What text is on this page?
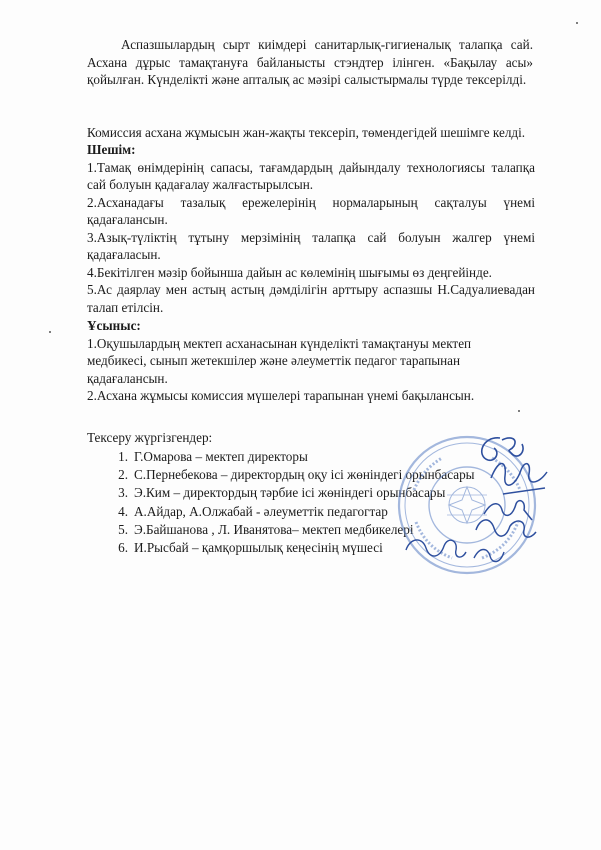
Аспазшылардың сырт киімдері санитарлық-гигиеналық талапқа сай. Асхана дұрыс тамақтануға байланысты стэндтер ілінген. «Бақылау асы» қойылған. Күнделікті және апталық ас мәзірі салыстырмалы түрде тексерілді.

Комиссия асхана жұмысын жан-жақты тексеріп, төмендегідей шешімге келді.

Шешім:
1.Тамақ өнімдерінің сапасы, тағамдардың дайындалу технологиясы талапқа сай болуын қадағалау жалғастырылсын.
2.Асханадағы тазалық ережелерінің нормаларының сақталуы үнемі қадағалансын.
3.Азық-түліктің тұтыну мерзімінің талапқа сай болуын жалгер үнемі қадағаласын.
4.Бекітілген мәзір бойынша дайын ас көлемінің шығымы өз деңгейінде.
5.Ас даярлау мен астың астың дәмділігін арттыру аспазшы Н.Садуалиевадан талап етілсін.
Ұсыныс:
1.Оқушылардың мектеп асханасынан күнделікті тамақтануы мектеп медбикесі, сынып жетекшілер және әлеуметтік педагог тарапынан қадағалансын.
2.Асхана жұмысы комиссия мүшелері тарапынан үнемі бақылансын.

Тексеру жүргізгендер:

1. Г.Омарова – мектеп директоры
2. С.Пернебекова – директордың оқу ісі жөніндегі орынбасары
3. Э.Ким – директордың тәрбие ісі жөніндегі орынбасары
4. А.Айдар, А.Олжабай - әлеуметтік педагогтар
5. Э.Байшанова , Л. Иванятова– мектеп медбикелері
6. И.Рысбай – қамқоршылық кеңесінің мүшесі
